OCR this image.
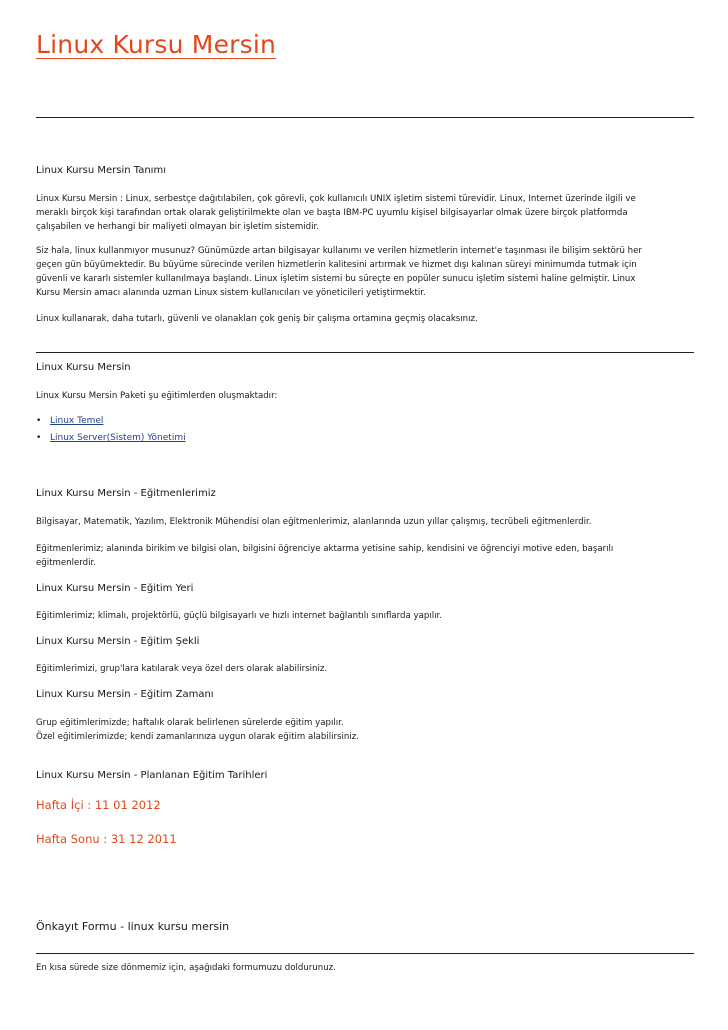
Linux Kursu Mersin
Linux Kursu Mersin Tanımı
Linux Kursu Mersin : Linux, serbestçe dağıtılabilen, çok görevli, çok kullanıcılı UNIX işletim sistemi türevidir. Linux, Internet üzerinde ilgili ve
meraklı birçok kişi tarafından ortak olarak geliştirilmekte olan ve başta IBM-PC uyumlu kişisel bilgisayarlar olmak üzere birçok platformda
çalışabilen ve herhangi bir maliyeti olmayan bir işletim sistemidir.
Siz hala, linux kullanmıyor musunuz? Günümüzde artan bilgisayar kullanımı ve verilen hizmetlerin internet'e taşınması ile bilişim sektörü her
geçen gün büyümektedir. Bu büyüme sürecinde verilen hizmetlerin kalitesini artırmak ve hizmet dışı kalınan süreyi minimumda tutmak için
güvenli ve kararlı sistemler kullanılmaya başlandı. Linux işletim sistemi bu süreçte en popüler sunucu işletim sistemi haline gelmiştir. Linux
Kursu Mersin amacı alanında uzman Linux sistem kullanıcıları ve yöneticileri yetiştirmektir.
Linux kullanarak, daha tutarlı, güvenli ve olanakları çok geniş bir çalışma ortamına geçmiş olacaksınız.
Linux Kursu Mersin
Linux Kursu Mersin Paketi şu eğitimlerden oluşmaktadır:
• Linux Temel
• Linux Server(Sistem) Yönetimi
Linux Kursu Mersin - Eğitmenlerimiz
Bilgisayar, Matematik, Yazılım, Elektronik Mühendisi olan eğitmenlerimiz, alanlarında uzun yıllar çalışmış, tecrübeli eğitmenlerdir.
Eğitmenlerimiz; alanında birikim ve bilgisi olan, bilgisini öğrenciye aktarma yetisine sahip, kendisini ve öğrenciyi motive eden, başarılı
eğitmenlerdir.
Linux Kursu Mersin - Eğitim Yeri
Eğitimlerimiz; klimalı, projektörlü, güçlü bilgisayarlı ve hızlı internet bağlantılı sınıflarda yapılır.
Linux Kursu Mersin - Eğitim Şekli
Eğitimlerimizi, grup'lara katılarak veya özel ders olarak alabilirsiniz.
Linux Kursu Mersin - Eğitim Zamanı
Grup eğitimlerimizde; haftalık olarak belirlenen sürelerde eğitim yapılır.
Özel eğitimlerimizde; kendi zamanlarınıza uygun olarak eğitim alabilirsiniz.
Linux Kursu Mersin - Planlanan Eğitim Tarihleri
Hafta İçi : 11 01 2012
Hafta Sonu : 31 12 2011
Önkayıt Formu - linux kursu mersin
En kısa sürede size dönmemiz için, aşağıdaki formumuzu doldurunuz.
